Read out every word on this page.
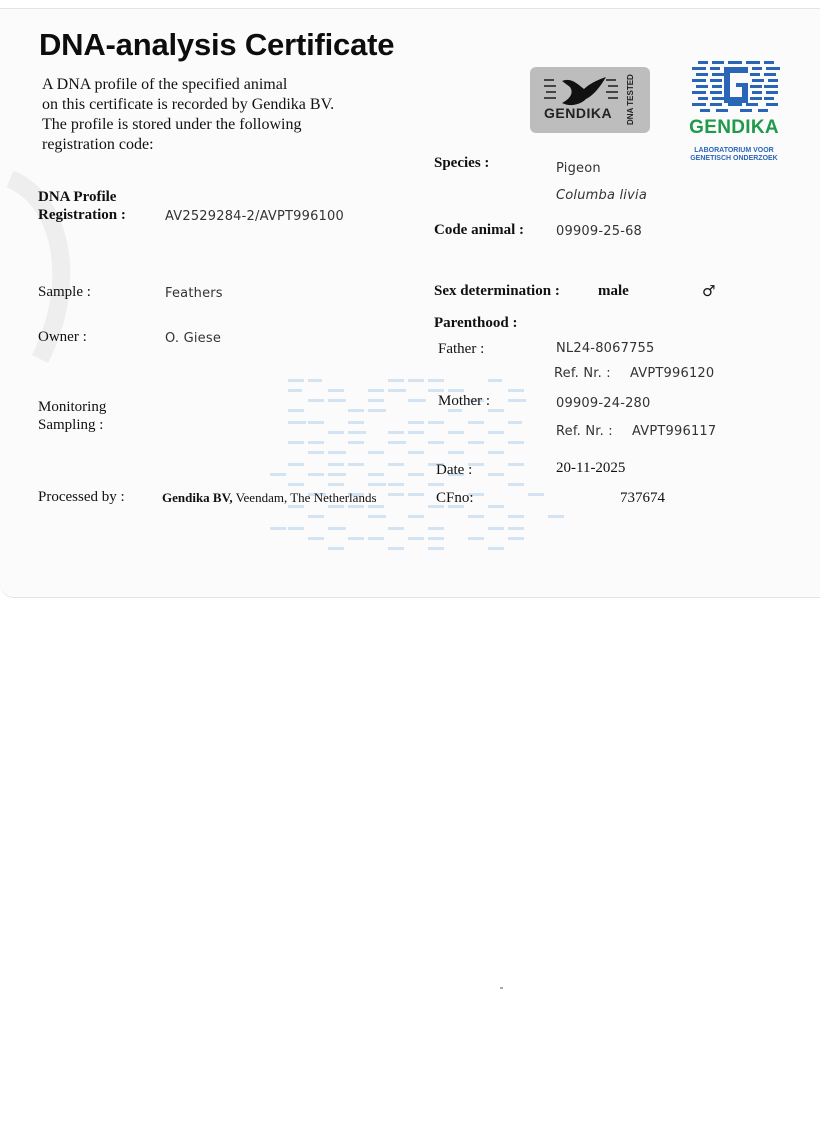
DNA-analysis Certificate
A DNA profile of the specified animal
on this certificate is recorded by Gendika BV.
The profile is stored under the following
registration code:
GENDIKA DNA TESTED
GENDIKA
LABORATORIUM VOOR
GENETISCH ONDERZOEK
DNA Profile
Registration :	AV2529284-2/AVPT996100
Sample :	Feathers
Owner :	O. Giese
Monitoring
Sampling :
Processed by :	Gendika BV, Veendam, The Netherlands
Species :	Pigeon
Columba livia
Code animal : 09909-25-68
Sex determination :	male	♂
Parenthood :
Father :	NL24-8067755
Ref. Nr. : AVPT996120
Mother :	09909-24-280
Ref. Nr. : AVPT996117
Date :	20-11-2025
CFno:	737674
